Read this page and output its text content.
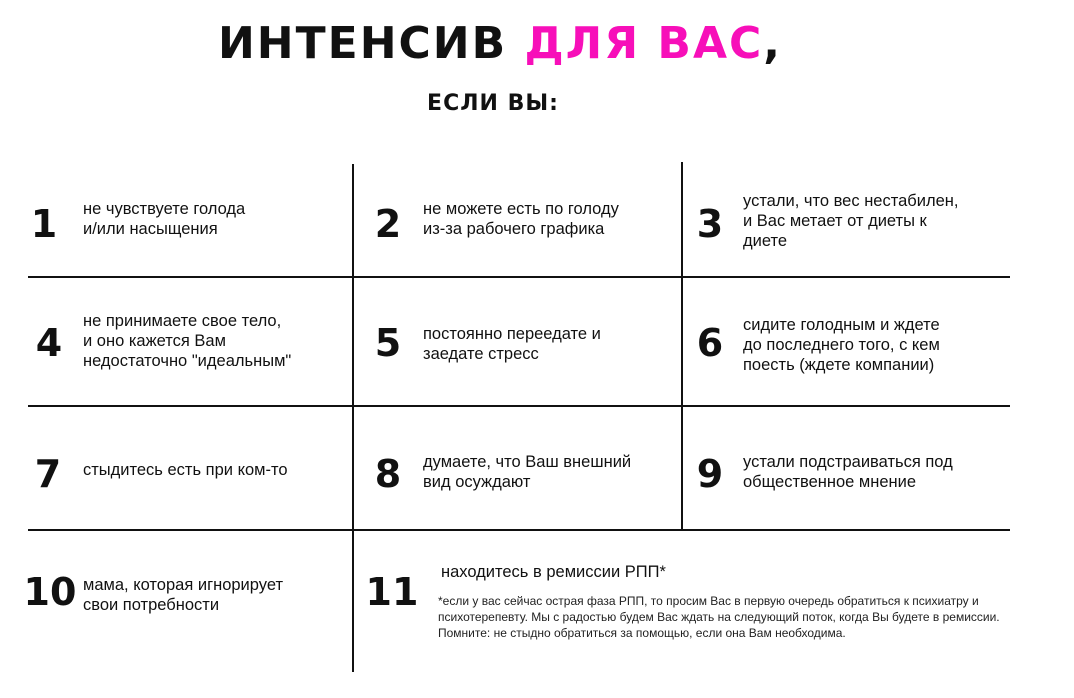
ИНТЕНСИВ ДЛЯ ВАС,
ЕСЛИ ВЫ:
1	не чувствуете голода
и/или насыщения	2	не можете есть по голоду
из-за рабочего графика	3
устали, что вес нестабилен,
и Вас метает от диеты к
диете
4	не принимаете свое тело,
и оно кажется Вам
недостаточно "идеальным" 5	постоянно переедате и
заедате стресс	6	сидите голодным и ждете
до последнего того, с кем
поесть (ждете компании)
7	стыдитесь есть при ком-то 8	думаете, что Ваш внешний
вид осуждают	9	устали подстраиваться под
общественное мнение
10 мама, которая игнорирует
свои потребности	11 находитесь в ремиссии РПП*
*если у вас сейчас острая фаза РПП, то просим Вас в первую очередь обратиться к психиатру и психотерепевту. Мы с радостью будем Вас ждать на следующий поток, когда Вы будете в ремиссии. Помните: не стыдно обратиться за помощью, если она Вам необходима.
